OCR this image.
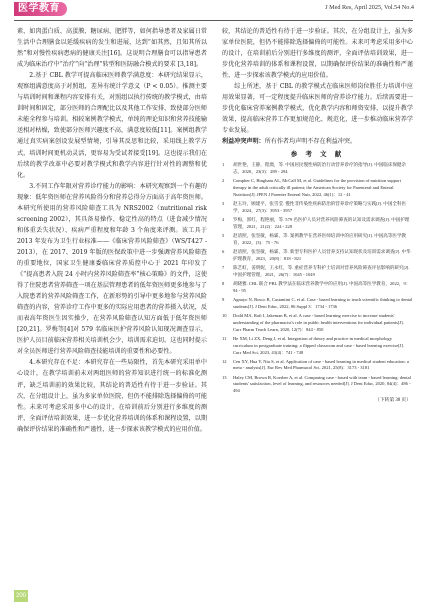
医学教育	J Med Res, April 2025, Vol.54 No.4

素、如肉蛋白质、高蛋膜、糖尿病、肥胖等，如何指导患者及家属日常生活中合理膳食以延缓疾病的发生和进展，达到“如其然，且知其所以然”和对慢性疾病患病的健康关注[16]。这说明合理膳食可以指导患者成为临床治疗中“治疗”向“治理”转型和医防融合模式的要求 [3,18]。

2.基于 CBL 教学可提高临床医师教学满意度：本研究结果显示，观察组满意度高于对照组，差异有统计学意义（P < 0.05）。推测主要与培训时间和课程内容安排有关，对照组以执行传统的教学模式，由培训时间和固定，部分医师的合理配比以及其他工作安排，致使部分医师未能全程参与培训。相较案例教学模式，单纯的理论知识和营养技能输送相对枯燥，致使部分医师兴趣度不高，满意度较低[11]。案例组教学通过真实病案创设发展型情境，引导其反思和比较，采用线上教学方式，培训时间更机动灵活，更容易为受试者接受[19]。这也提示我们在后续的教学改革中必要对教学模式和教学内容进行针对性的调整和优化。

3.不同工作年限对营养诊疗能力的影响：本研究观察到一个有趣的现象：低年资医师在营养风险得分和营养总得分方面高于高年资医师。本研究所使用的营养风险筛查工具为 NRS2002（nutritional risk screening 2002），其具备易操作、稳定性高的特点（进食减少情况和体重丢失状况）、疾病严重程度和年龄 3 个角度来评测。该工具于 2013 年发布为卫生行业标准——《临床营养风险筛查》（WS/T427 - 2013），在 2017、2019 年版的医保政策中进一步强调营养风险筛查的重要地位，国家卫生健康委临床营养质控中心于 2021 年印发了《“提高患者入院 24 小时内营养风险筛查率”核心策略》的文件，这使得了住院患者营养筛查一项在基层管理患者的低年资医师更多地参与了入院患者的营养风险筛查工作，在新形势的引导中更多地参与营养风险筛查的内容，营养诊疗工作中更多的实际应用患者的营养摄入状况，反而表高年资医生因实操少，在营养风险筛查认知方面低于低年资医师[20,21]。罗梅等[4]对 579 名临床医护营养风险认知现况调查显示，医护人员目前临床营养相关培训机会少，培训需求迫切。这也同时提示对全员医师进行营养风险筛查技能培训的重要性和必要性。

4.本研究存在不足：本研究存在一些局限性，首先本研究采用单中心设计，在教学培训前未对两组医师的营养知识进行统一的标准化测评，缺乏培训前的效果比较，其结论的普适性有待于进一步验证。其次，在分组设计上，虽为多家单位医院，但仍不能排除选择偏倚的可能性。未来可考虑采用多中心的设计，在培训前后分别进行多维度的测评，全面评估培训效果，进一步优化营养培训的体系和课程设置，以期确保评价结果的准确性和严谨性，进一步探索该教学模式的应用价值。

较，其结论的普适性有待于进一步验证。其次，在分组设计上，虽为多家单位医院，但仍不能排除选择偏倚的可能性。未来可考虑采用多中心的设计，在培训前后分别进行多维度的测评，全面评估培训效果，进一步优化营养培训的体系和课程设置，以期确保评价结果的准确性和严谨性，进一步探索该教学模式的应用价值。

综上所述，基于 CBL 的教学模式在临床医师岗位胜任力培训中应用效果显著，可一定程度提升临床医师的营养诊疗能力。后续需要进一步优化临床营养案例教学模式，优化教学内容和师资安排，以提升教学效果，提高临床营养工作更加规范化、规范化，进一步推动临床营养学专业发展。

利益冲突声明：所有作者均声明不存在利益冲突。
参 考 文 献
1 胡世艳，王静，程澳，等. 中国居民慢性病防治行动营养诊疗的指导[J]. 中国临床保健杂志，2020，23(3)：289 - 294
2 Compher C, Bingham AL, McCall M, et al. Guidelines for the provision of nutrition support therapy in the adult critically ill patient; the American Society for Parenteral and Enteral Nutrition[J]. JPEN J Parenter Enteral Nutr, 2022, 46(1)：12 - 41
3 赵玉玲，顾建平，张雪莹. 慢性非传染性疾病防治的营养诊疗策略与实践[J]. 中国全科医学，2024，27(3)：3953 - 3957
4 罗梅，郭红，程艳丽，等. 579 名医护人员对营养风险筛查的认知及需求调查[J]. 中国护理管理，2021，21(2)：224 - 228
5 赵清照，张坚敏，杨霖，等. 案例教学在营养医师培训中的应用研究[J]. 中国高等医学教育，2022，(3)：75 - 76
6 赵清照，张坚敏，杨霖，等. 新型专科医护人员营养支持认知现状及培训需求调查[J]. 中华护理教育，2023，20(8)：818 - 821
7 陈艺虹，姜明妮，王永红，等. 重症营养专科护士培训对营养风险筛查评估影响的研究[J]. 中国护理管理，2021，26(7)：1045 - 1049
8 胡晓雅. CBL 联合 PBL 教学法在临床营养教学中的应用[J]. 中国高等医学教育，2022，9：94 - 95
9 Agnayo N, Bosco R, Castantini C, et al. Case - based learning to teach scientific thinking to dental students[J]. J Dent Educ, 2022, 86 Suppl 3：1734 - 1736
10 Dodd MA, Rafi I, Jakeman B, et al. A case - based learning exercise to increase students' understanding of the pharmacist's role in public health interventions for individual patients[J]. Curr Pharm Teach Learn, 2020, 12(7)：844 - 850
11 He XM, Li ZX, Deng J, et al. Integration of theory and practice in medical morphology curriculum in postgraduate training: a flipped classroom and case - based learning exercise[J]. Curr Med Sci, 2023, 43(4)：741 - 748
12 Cen XY, Hua Y, Niu S, et al. Application of case - based learning in medical student education: a meta - analysis[J]. Eur Rev Med Pharmacol Sci, 2021, 25(8)：3173 - 3181
13 Haley CM, Brown B, Koerber A, et al. Comparing case - based with team - based learning: dental students' satisfaction, level of learning, and resources needed[J]. J Dent Educ, 2020, 84(4)：486 - 494
（下转第 38 页）
200
